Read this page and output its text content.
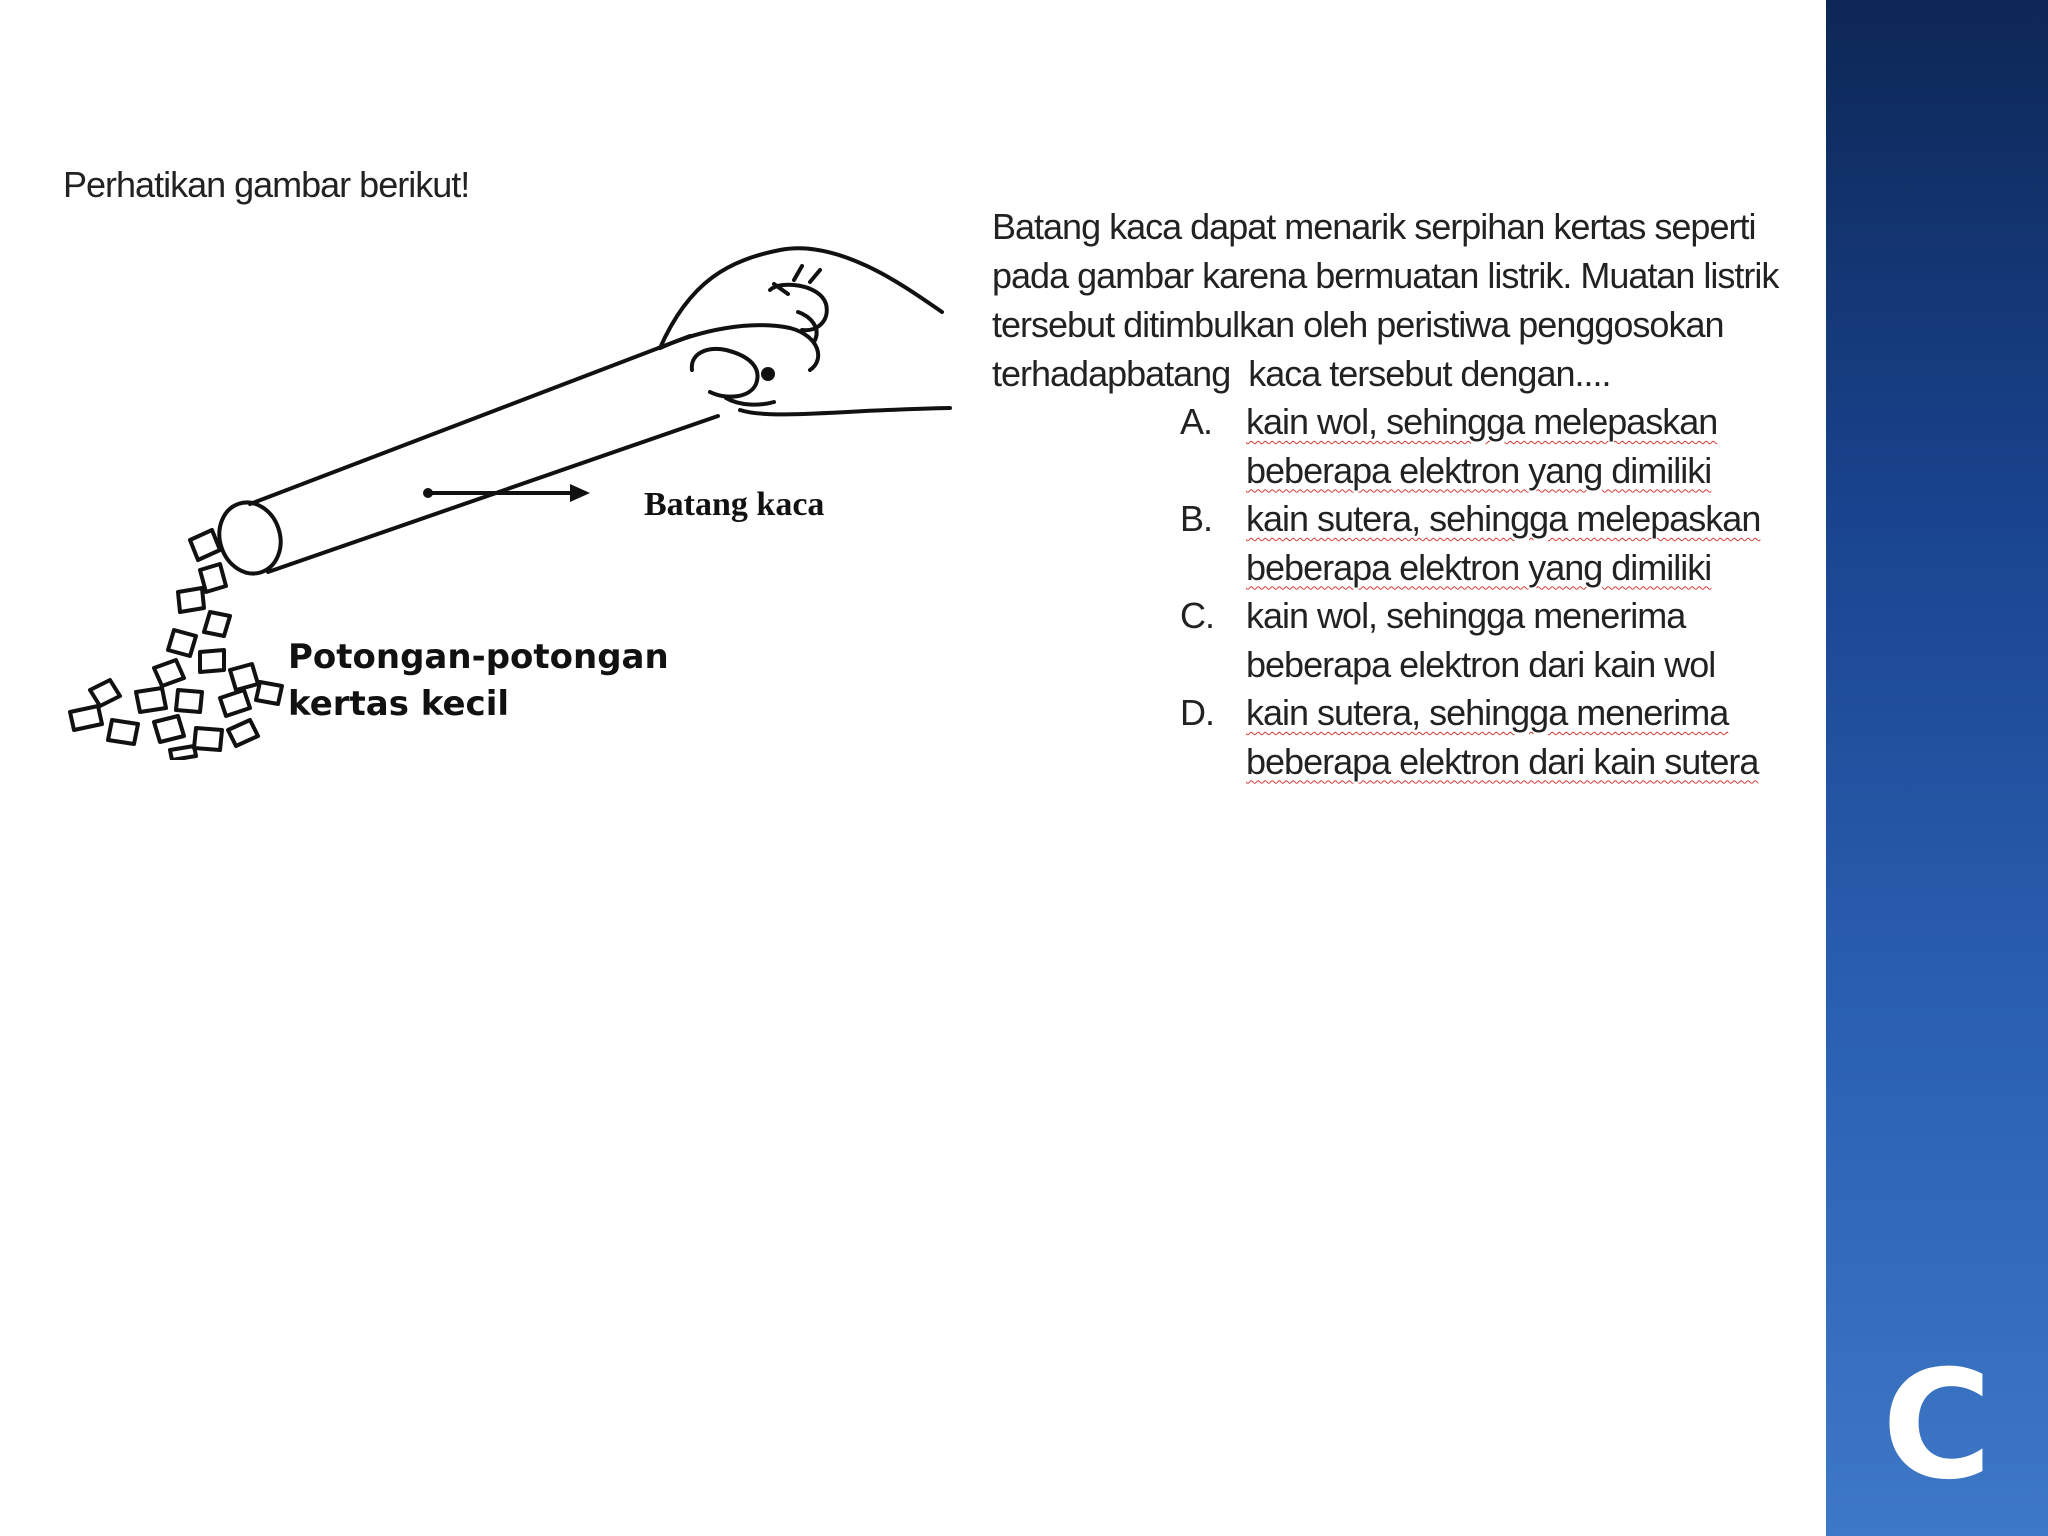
Perhatikan gambar berikut!
Batang kaca
Potongan-potongan
kertas kecil

Batang kaca dapat menarik serpihan kertas seperti

pada gambar karena bermuatan listrik. Muatan listrik

tersebut ditimbulkan oleh peristiwa penggosokan

terhadapbatang  kaca tersebut dengan....

A. kain wol, sehingga melepaskan
beberapa elektron yang dimiliki
B. kain sutera, sehingga melepaskan
beberapa elektron yang dimiliki
C. kain wol, sehingga menerima
beberapa elektron dari kain wol
D. kain sutera, sehingga menerima
beberapa elektron dari kain sutera
C
